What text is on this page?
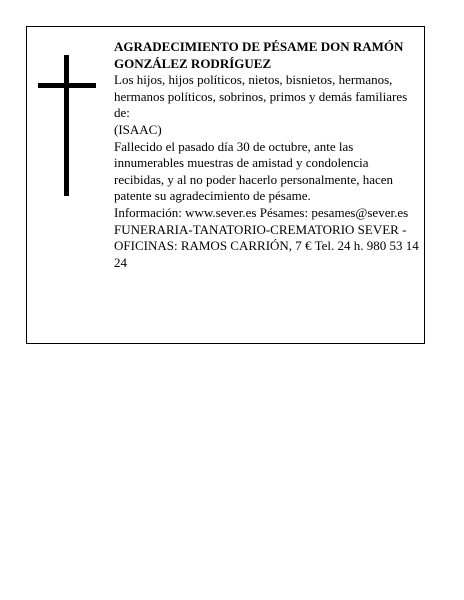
AGRADECIMIENTO DE PÉSAME DON RAMÓN GONZÁLEZ RODRÍGUEZ

Los hijos, hijos políticos, nietos, bisnietos, hermanos, hermanos políticos, sobrinos, primos y demás familiares de:

(ISAAC)

Fallecido el pasado día 30 de octubre, ante las innumerables muestras de amistad y condolencia recibidas, y al no poder hacerlo personalmente, hacen patente su agradecimiento de pésame.

Información: www.sever.es Pésames: pesames@sever.es

FUNERARIA-TANATORIO-CREMATORIO SEVER - OFICINAS: RAMOS CARRIÓN, 7 € Tel. 24 h. 980 53 14 24
